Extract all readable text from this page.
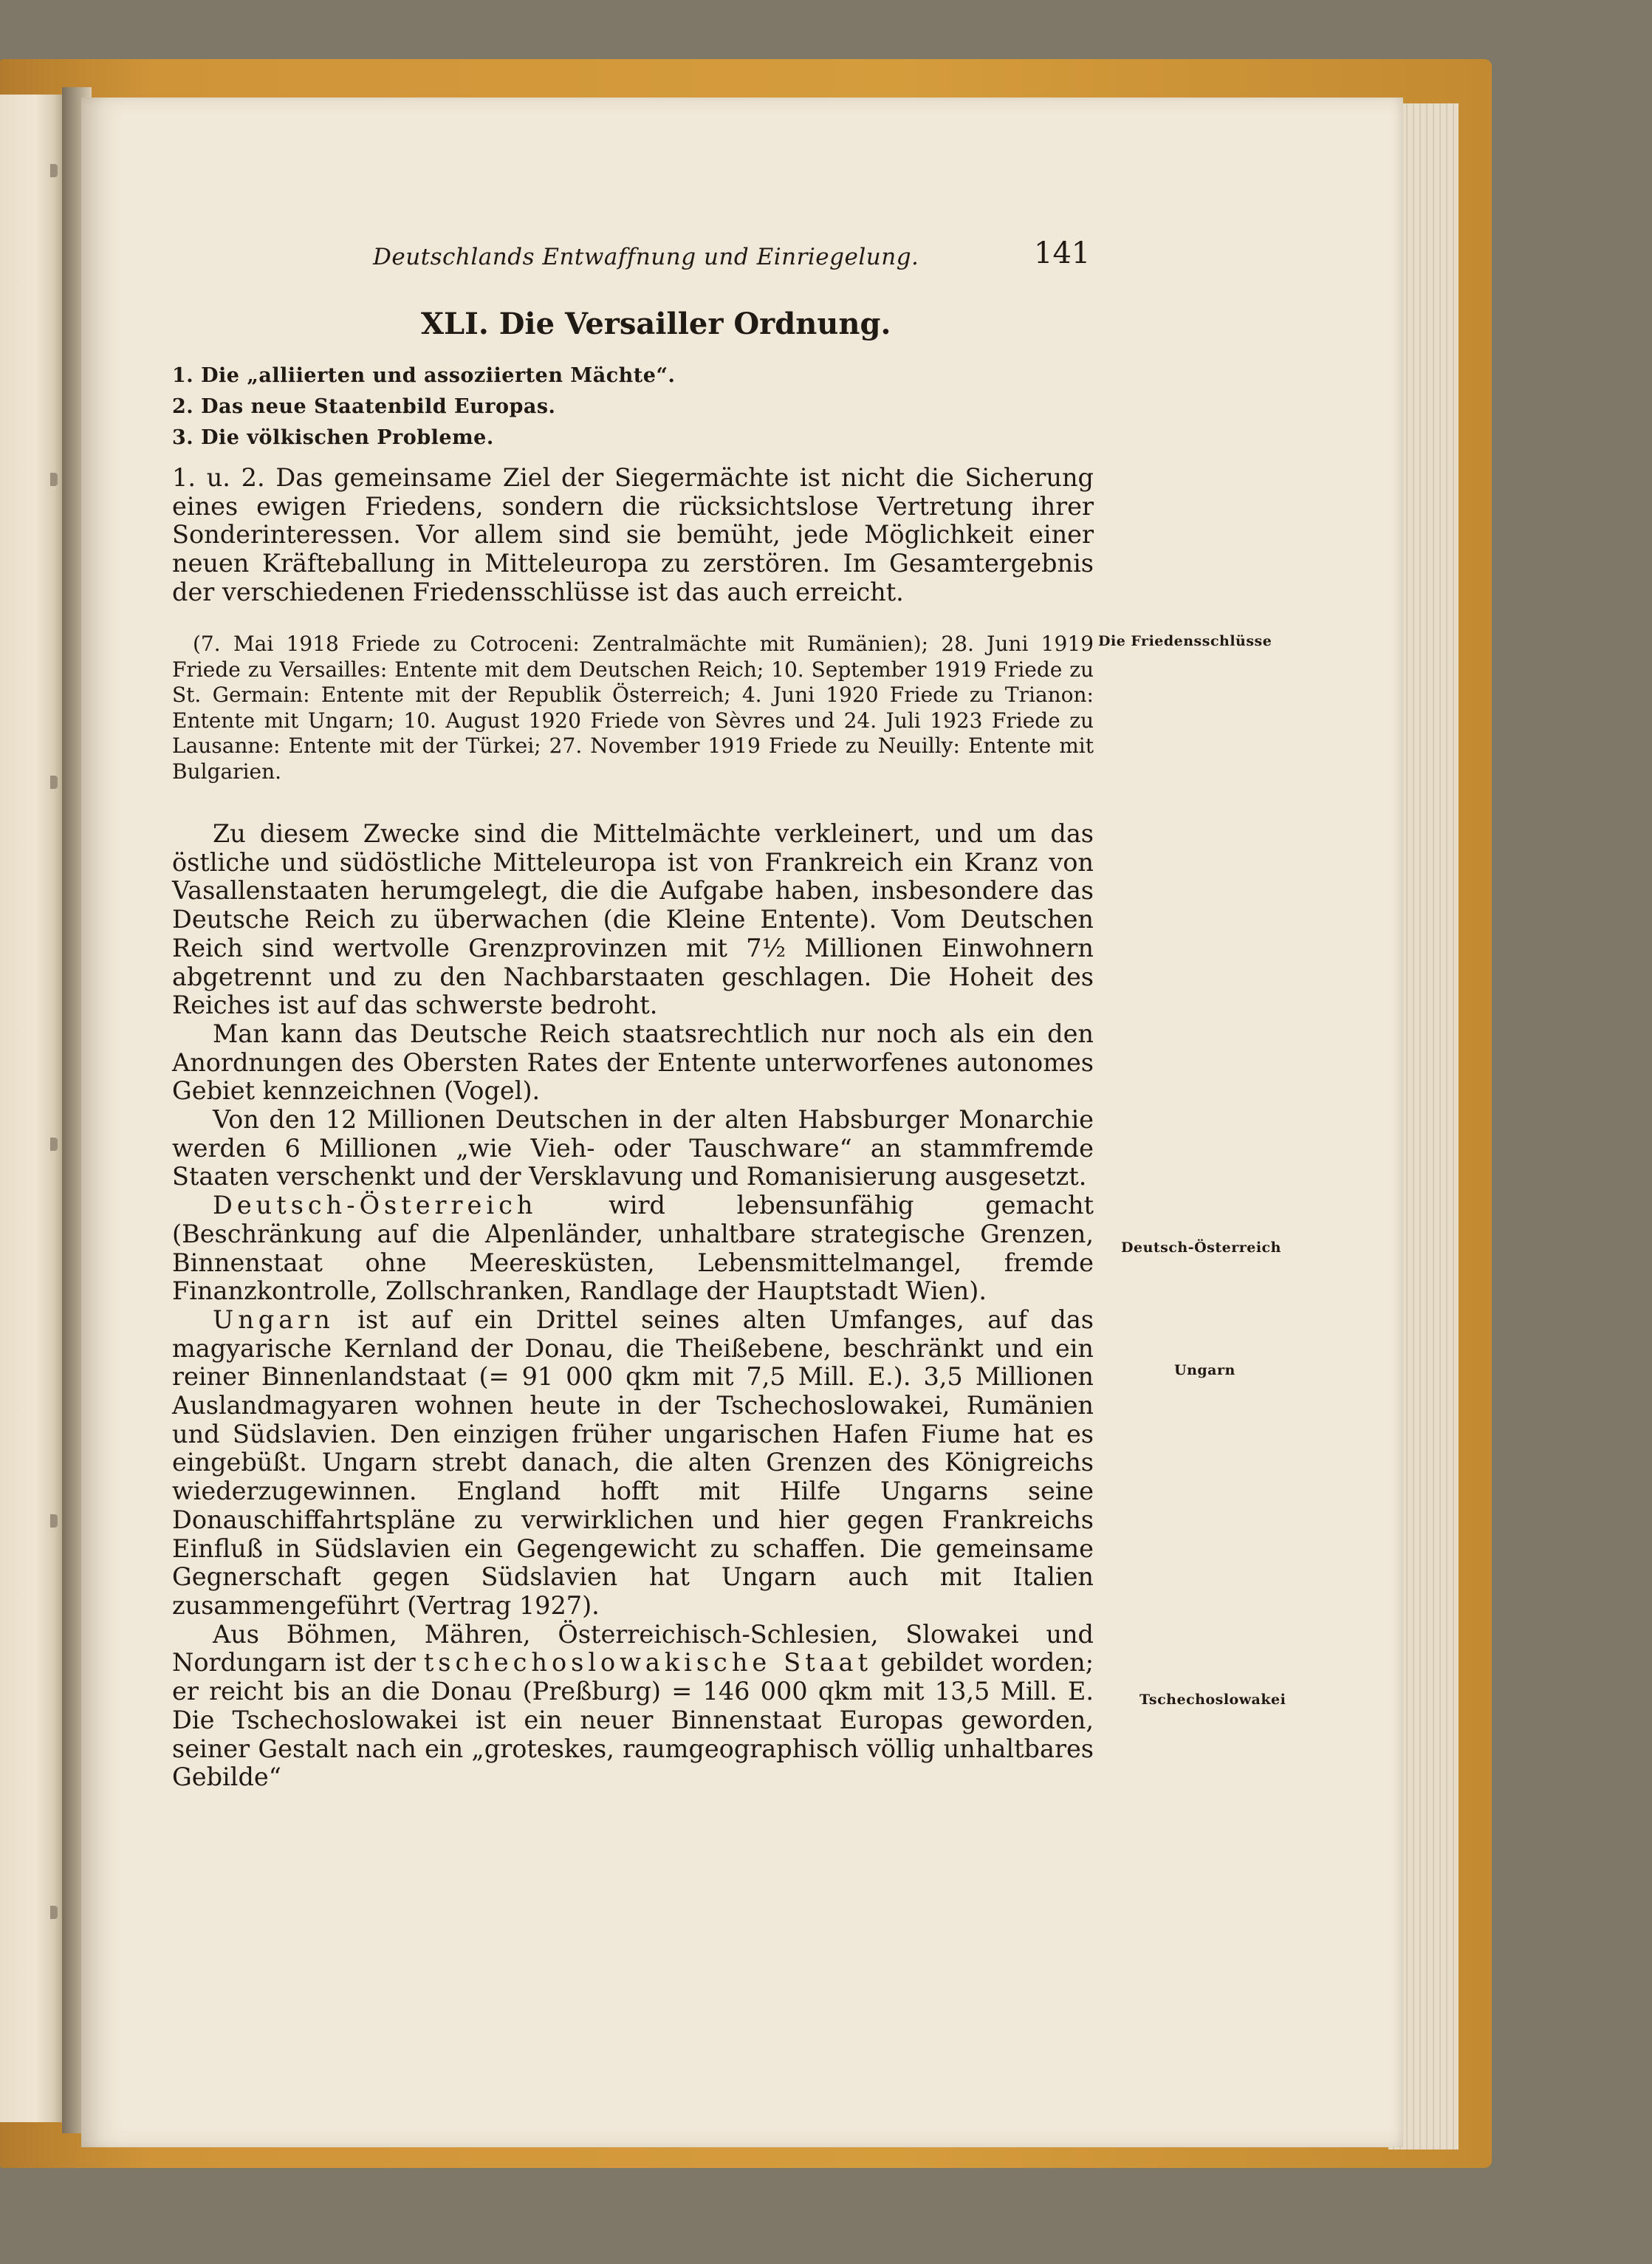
Deutschlands Entwaffnung und Einriegelung.	141
XLI. Die Versailler Ordnung.
1. Die „alliierten und assoziierten Mächte“.
2. Das neue Staatenbild Europas.
3. Die völkischen Probleme.

1. u. 2. Das gemeinsame Ziel der Siegermächte ist nicht die Sicherung eines ewigen Friedens, sondern die rücksichtslose Vertretung ihrer Sonderinteressen. Vor allem sind sie bemüht, jede Möglichkeit einer neuen Kräfteballung in Mitteleuropa zu zerstören. Im Gesamtergebnis der verschiedenen Friedensschlüsse ist das auch erreicht.

(7. Mai 1918 Friede zu Cotroceni: Zentralmächte mit Rumänien); 28. Juni 1919 Friede zu Versailles: Entente mit dem Deutschen Reich; 10. September 1919 Friede zu St. Germain: Entente mit der Republik Österreich; 4. Juni 1920 Friede zu Trianon: Entente mit Ungarn; 10. August 1920 Friede von Sèvres und 24. Juli 1923 Friede zu Lausanne: Entente mit der Türkei; 27. November 1919 Friede zu Neuilly: Entente mit Bulgarien.

Zu diesem Zwecke sind die Mittelmächte verkleinert, und um das östliche und südöstliche Mitteleuropa ist von Frankreich ein Kranz von Vasallenstaaten herumgelegt, die die Aufgabe haben, insbesondere das Deutsche Reich zu überwachen (die Kleine Entente). Vom Deutschen Reich sind wertvolle Grenzprovinzen mit 7½ Millionen Einwohnern abgetrennt und zu den Nachbarstaaten geschlagen. Die Hoheit des Reiches ist auf das schwerste bedroht.

Man kann das Deutsche Reich staatsrechtlich nur noch als ein den Anordnungen des Obersten Rates der Entente unterworfenes autonomes Gebiet kennzeichnen (Vogel).

Von den 12 Millionen Deutschen in der alten Habsburger Monarchie werden 6 Millionen „wie Vieh- oder Tauschware“ an stammfremde Staaten verschenkt und der Versklavung und Romanisierung ausgesetzt.

Deutsch-Österreich wird lebensunfähig gemacht (Beschränkung auf die Alpenländer, unhaltbare strategische Grenzen, Binnenstaat ohne Meeresküsten, Lebensmittelmangel, fremde Finanzkontrolle, Zollschranken, Randlage der Hauptstadt Wien).

Ungarn ist auf ein Drittel seines alten Umfanges, auf das magyarische Kernland der Donau, die Theißebene, beschränkt und ein reiner Binnenlandstaat (= 91 000 qkm mit 7,5 Mill. E.). 3,5 Millionen Auslandmagyaren wohnen heute in der Tschechoslowakei, Rumänien und Südslavien. Den einzigen früher ungarischen Hafen Fiume hat es eingebüßt. Ungarn strebt danach, die alten Grenzen des Königreichs wiederzugewinnen. England hofft mit Hilfe Ungarns seine Donauschiffahrtspläne zu verwirklichen und hier gegen Frankreichs Einfluß in Südslavien ein Gegengewicht zu schaffen. Die gemeinsame Gegnerschaft gegen Südslavien hat Ungarn auch mit Italien zusammengeführt (Vertrag 1927).

Aus Böhmen, Mähren, Österreichisch-Schlesien, Slowakei und Nordungarn ist der tschechoslowakische Staat gebildet worden; er reicht bis an die Donau (Preßburg) = 146 000 qkm mit 13,5 Mill. E. Die Tschechoslowakei ist ein neuer Binnenstaat Europas geworden, seiner Gestalt nach ein „groteskes, raumgeographisch völlig unhaltbares Gebilde“

Die Friedensschlüsse
Deutsch-Österreich
Ungarn
Tschechoslowakei
